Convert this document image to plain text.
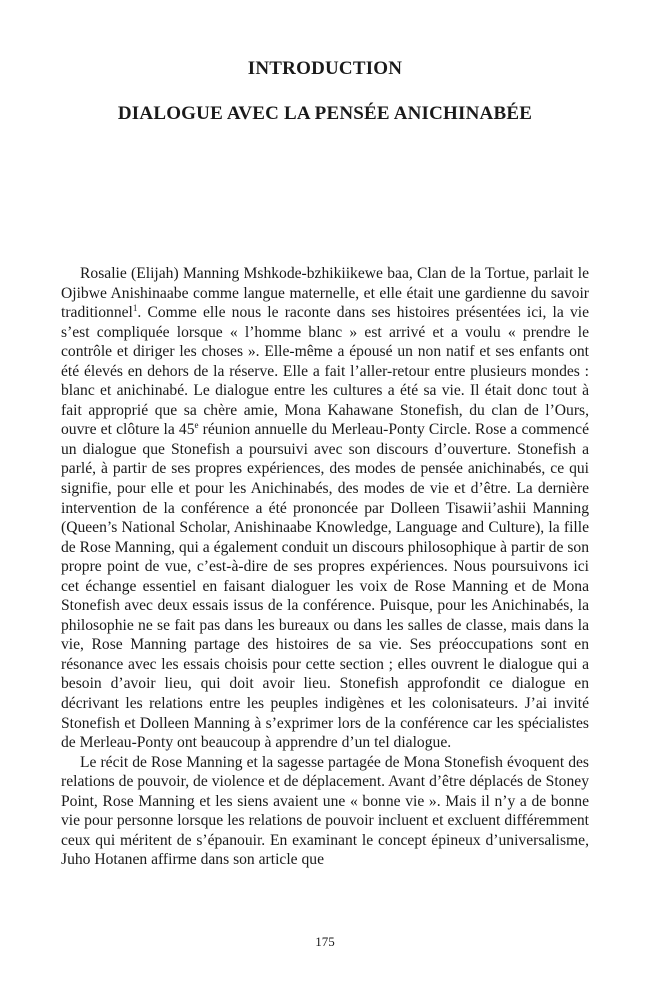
INTRODUCTION
DIALOGUE AVEC LA PENSÉE ANICHINABÉE

Rosalie (Elijah) Manning Mshkode-bzhikiikewe baa, Clan de la Tortue, parlait le Ojibwe Anishinaabe comme langue maternelle, et elle était une gardienne du savoir traditionnel$^1$. Comme elle nous le raconte dans ses histoires présentées ici, la vie s’est compliquée lorsque « l’homme blanc » est arrivé et a voulu « prendre le contrôle et diriger les choses ». Elle-même a épousé un non natif et ses enfants ont été élevés en dehors de la réserve. Elle a fait l’aller-retour entre plusieurs mondes : blanc et anichinabé. Le dialogue entre les cultures a été sa vie. Il était donc tout à fait approprié que sa chère amie, Mona Kahawane Stonefish, du clan de l’Ours, ouvre et clôture la 45e réunion annuelle du Merleau-Ponty Circle. Rose a commencé un dialogue que Stonefish a poursuivi avec son discours d’ouverture. Stonefish a parlé, à partir de ses propres expériences, des modes de pensée anichinabés, ce qui signifie, pour elle et pour les Anichinabés, des modes de vie et d’être. La dernière intervention de la conférence a été prononcée par Dolleen Tisawii’ashii Manning (Queen’s National Scholar, Anishinaabe Knowledge, Language and Culture), la fille de Rose Manning, qui a également conduit un discours philosophique à partir de son propre point de vue, c’est-à-dire de ses propres expériences. Nous poursuivons ici cet échange essentiel en faisant dialoguer les voix de Rose Manning et de Mona Stonefish avec deux essais issus de la conférence. Puisque, pour les Anichinabés, la philosophie ne se fait pas dans les bureaux ou dans les salles de classe, mais dans la vie, Rose Manning partage des histoires de sa vie. Ses préoccupations sont en résonance avec les essais choisis pour cette section ; elles ouvrent le dialogue qui a besoin d’avoir lieu, qui doit avoir lieu. Stonefish approfondit ce dialogue en décrivant les relations entre les peuples indigènes et les colonisateurs. J’ai invité Stonefish et Dolleen Manning à s’exprimer lors de la conférence car les spécialistes de Merleau-Ponty ont beaucoup à apprendre d’un tel dialogue.

Le récit de Rose Manning et la sagesse partagée de Mona Stonefish évoquent des relations de pouvoir, de violence et de déplacement. Avant d’être déplacés de Stoney Point, Rose Manning et les siens avaient une « bonne vie ». Mais il n’y a de bonne vie pour personne lorsque les relations de pouvoir incluent et excluent différemment ceux qui méritent de s’épanouir. En examinant le concept épineux d’universalisme, Juho Hotanen affirme dans son article que

175
